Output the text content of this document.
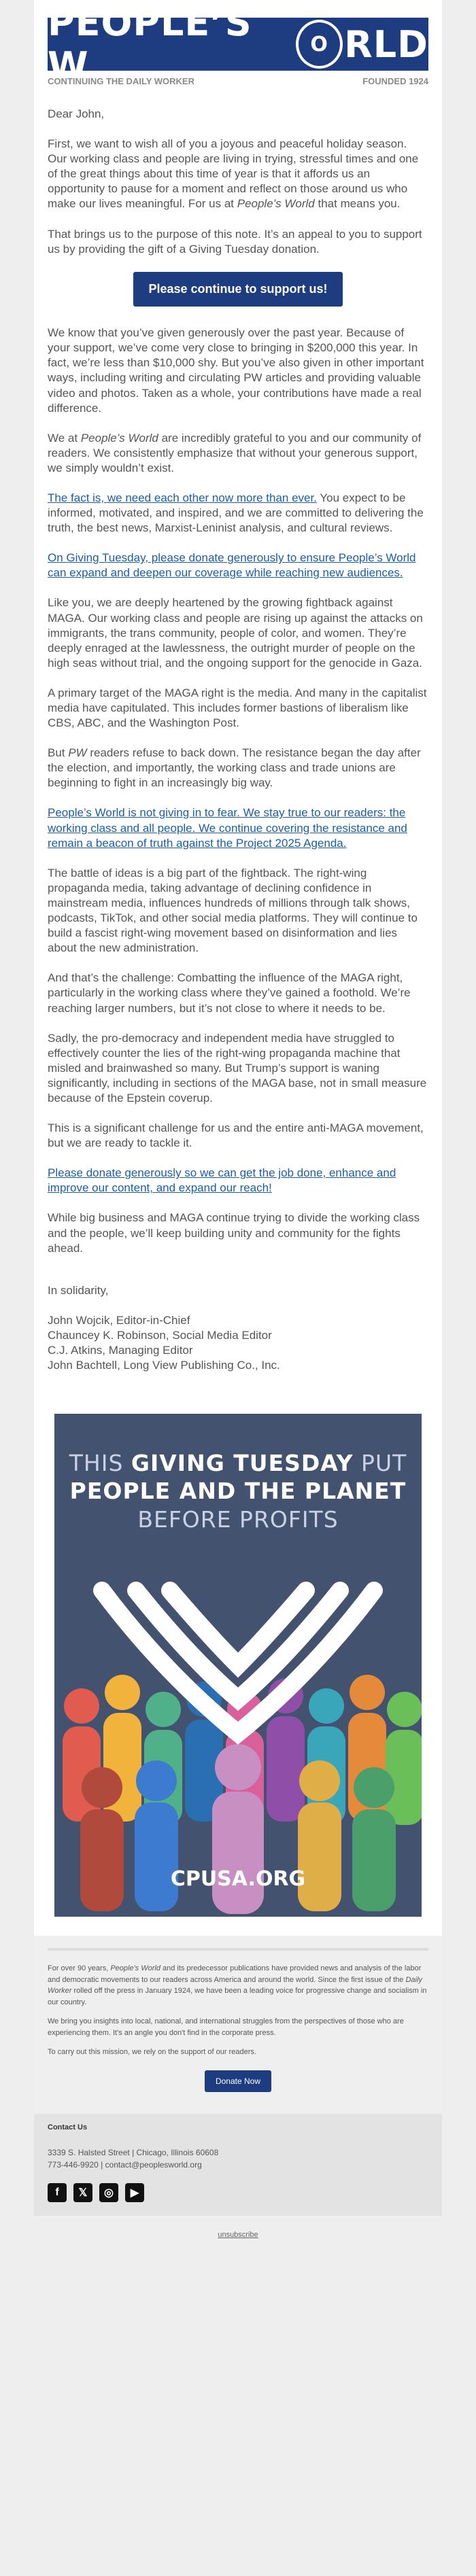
PEOPLE’S W	O RLD
CONTINUING THE DAILY WORKER	FOUNDED 1924

Dear John,

First, we want to wish all of you a joyous and peaceful holiday season. Our working class and people are living in trying, stressful times and one of the great things about this time of year is that it affords us an opportunity to pause for a moment and reflect on those around us who make our lives meaningful. For us at People’s World that means you.

That brings us to the purpose of this note. It’s an appeal to you to support us by providing the gift of a Giving Tuesday donation.

Please continue to support us!

We know that you’ve given generously over the past year. Because of your support, we’ve come very close to bringing in $200,000 this year. In fact, we’re less than $10,000 shy. But you’ve also given in other important ways, including writing and circulating PW articles and providing valuable video and photos. Taken as a whole, your contributions have made a real difference.

We at People’s World are incredibly grateful to you and our community of readers. We consistently emphasize that without your generous support, we simply wouldn’t exist.

The fact is, we need each other now more than ever. You expect to be informed, motivated, and inspired, and we are committed to delivering the truth, the best news, Marxist-Leninist analysis, and cultural reviews.

On Giving Tuesday, please donate generously to ensure People’s World can expand and deepen our coverage while reaching new audiences.

Like you, we are deeply heartened by the growing fightback against MAGA. Our working class and people are rising up against the attacks on immigrants, the trans community, people of color, and women. They’re deeply enraged at the lawlessness, the outright murder of people on the high seas without trial, and the ongoing support for the genocide in Gaza.

A primary target of the MAGA right is the media. And many in the capitalist media have capitulated. This includes former bastions of liberalism like CBS, ABC, and the Washington Post.

But PW readers refuse to back down. The resistance began the day after the election, and importantly, the working class and trade unions are beginning to fight in an increasingly big way.

People’s World is not giving in to fear. We stay true to our readers: the working class and all people. We continue covering the resistance and remain a beacon of truth against the Project 2025 Agenda.

The battle of ideas is a big part of the fightback. The right-wing propaganda media, taking advantage of declining confidence in mainstream media, influences hundreds of millions through talk shows, podcasts, TikTok, and other social media platforms. They will continue to build a fascist right-wing movement based on disinformation and lies about the new administration.

And that’s the challenge: Combatting the influence of the MAGA right, particularly in the working class where they’ve gained a foothold. We’re reaching larger numbers, but it’s not close to where it needs to be.

Sadly, the pro-democracy and independent media have struggled to effectively counter the lies of the right-wing propaganda machine that misled and brainwashed so many. But Trump’s support is waning significantly, including in sections of the MAGA base, not in small measure because of the Epstein coverup.

This is a significant challenge for us and the entire anti-MAGA movement, but we are ready to tackle it.

Please donate generously so we can get the job done, enhance and improve our content, and expand our reach!

While big business and MAGA continue trying to divide the working class and the people, we’ll keep building unity and community for the fights ahead.

In solidarity,

John Wojcik, Editor-in-Chief

Chauncey K. Robinson, Social Media Editor

C.J. Atkins, Managing Editor

John Bachtell, Long View Publishing Co., Inc.

THIS GIVING TUESDAY PUT
PEOPLE AND THE PLANET
BEFORE PROFITS
CPUSA.ORG

For over 90 years, People's World and its predecessor publications have provided news and analysis of the labor and democratic movements to our readers across America and around the world. Since the first issue of the Daily Worker rolled off the press in January 1924, we have been a leading voice for progressive change and socialism in our country.

We bring you insights into local, national, and international struggles from the perspectives of those who are experiencing them. It's an angle you don't find in the corporate press.

To carry out this mission, we rely on the support of our readers.

Donate Now
Contact Us

3339 S. Halsted Street | Chicago, Illinois 60608

773-446-9920 | contact@peoplesworld.org

f	𝕏	◎	▶
unsubscribe
